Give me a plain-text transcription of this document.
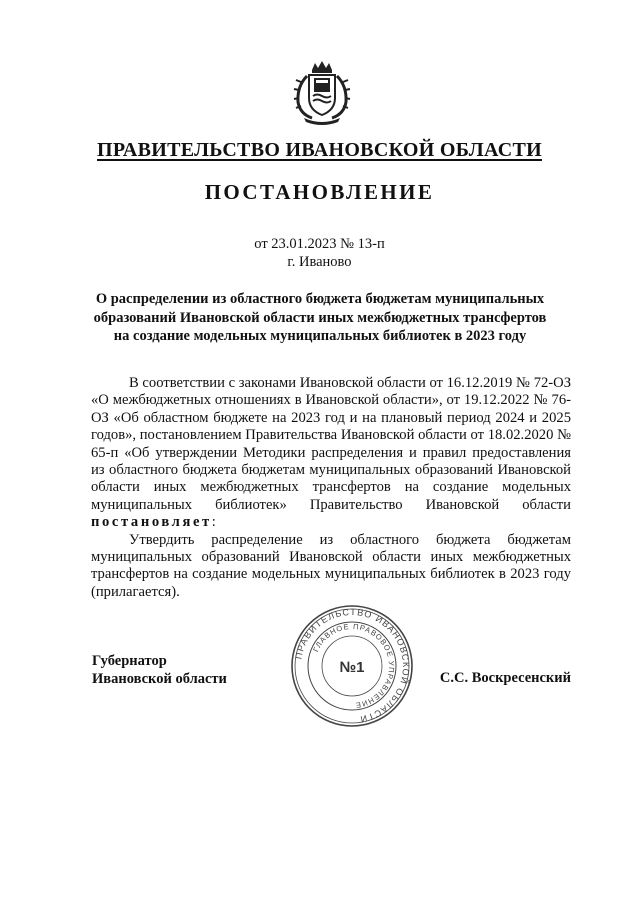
ПРАВИТЕЛЬСТВО ИВАНОВСКОЙ ОБЛАСТИ
ПОСТАНОВЛЕНИЕ
от 23.01.2023 № 13-п
г. Иваново
О распределении из областного бюджета бюджетам муниципальных
образований Ивановской области иных межбюджетных трансфертов
на создание модельных муниципальных библиотек в 2023 году

В соответствии с законами Ивановской области от 16.12.2019 № 72-ОЗ «О межбюджетных отношениях в Ивановской области», от 19.12.2022 № 76-ОЗ «Об областном бюджете на 2023 год и на плановый период 2024 и 2025 годов», постановлением Правительства Ивановской области от 18.02.2020 № 65-п «Об утверждении Методики распределения и правил предоставления из областного бюджета бюджетам муниципальных образований Ивановской области иных межбюджетных трансфертов на создание модельных муниципальных библиотек» Правительство Ивановской области постановляет:

Утвердить распределение из областного бюджета бюджетам муниципальных образований Ивановской области иных межбюджетных трансфертов на создание модельных муниципальных библиотек в 2023 году (прилагается).

Губернатор
Ивановской области	С.С. Воскресенский
ПРАВИТЕЛЬСТВО ИВАНОВСКОЙ ОБЛАСТИ
ГЛАВНОЕ ПРАВОВОЕ УПРАВЛЕНИЕ
№1
